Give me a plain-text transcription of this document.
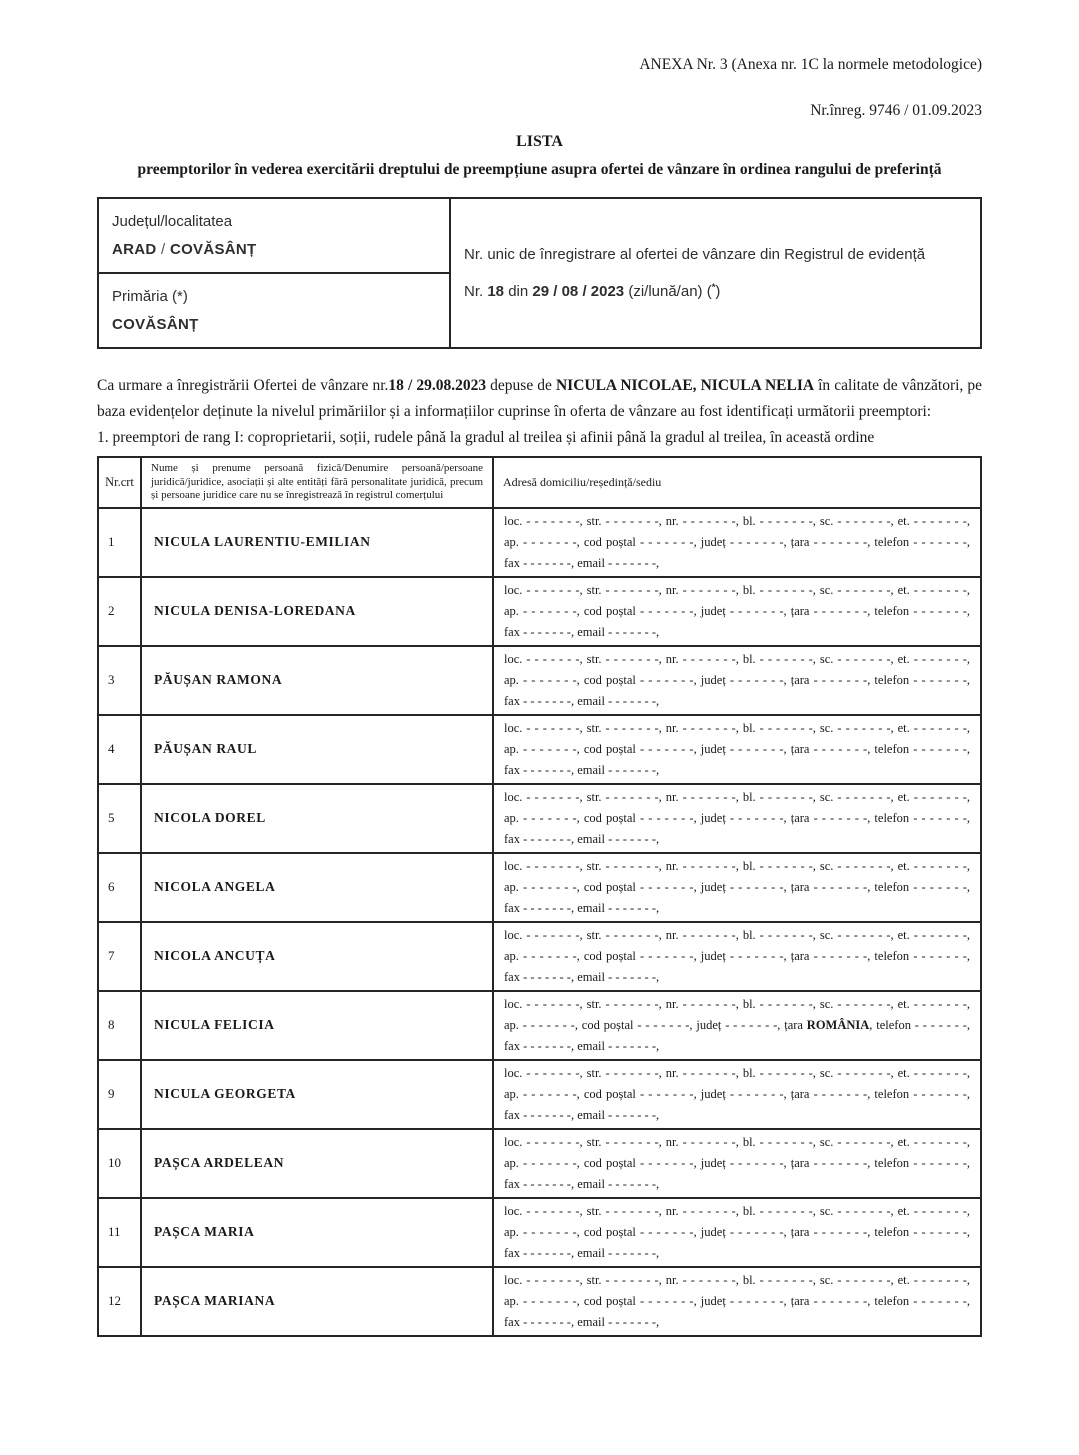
ANEXA Nr. 3 (Anexa nr. 1C la normele metodologice)
Nr.înreg. 9746 / 01.09.2023
LISTA
preemptorilor în vederea exercitării dreptului de preempțiune asupra ofertei de vânzare în ordinea rangului de preferință
Județul/localitatea
ARAD / COVĂSÂNȚ	Nr. unic de înregistrare al ofertei de vânzare din Registrul de evidență
Nr. 18 din 29 / 08 / 2023 (zi/lună/an) (*)

Primăria (*)
COVĂSÂNȚ

Ca urmare a înregistrării Ofertei de vânzare nr.18 / 29.08.2023 depuse de NICULA NICOLAE, NICULA NELIA în calitate de vânzători, pe baza evidențelor deținute la nivelul primăriilor și a informațiilor cuprinse în oferta de vânzare au fost identificați următorii preemptori:

1. preemptori de rang I: coproprietarii, soții, rudele până la gradul al treilea și afinii până la gradul al treilea, în această ordine

Nr.crt	Nume și prenume persoană fizică/Denumire persoană/persoane juridică/juridice, asociații și alte entități fără personalitate juridică, precum și persoane juridice care nu se înregistrează în registrul comerțului	Adresă domiciliu/reședință/sediu
1	NICULA LAURENTIU-EMILIAN	loc. - - - - - - -, str. - - - - - - -, nr. - - - - - - -, bl. - - - - - - -, sc. - - - - - - -, et. - - - - - - -,
ap. - - - - - - -, cod poștal - - - - - - -, județ - - - - - - -, țara - - - - - - -, telefon - - - - - - -,
fax - - - - - - -, email - - - - - - -,

2	NICULA DENISA-LOREDANA	loc. - - - - - - -, str. - - - - - - -, nr. - - - - - - -, bl. - - - - - - -, sc. - - - - - - -, et. - - - - - - -,
ap. - - - - - - -, cod poștal - - - - - - -, județ - - - - - - -, țara - - - - - - -, telefon - - - - - - -,
fax - - - - - - -, email - - - - - - -,

3	PĂUȘAN RAMONA	loc. - - - - - - -, str. - - - - - - -, nr. - - - - - - -, bl. - - - - - - -, sc. - - - - - - -, et. - - - - - - -,
ap. - - - - - - -, cod poștal - - - - - - -, județ - - - - - - -, țara - - - - - - -, telefon - - - - - - -,
fax - - - - - - -, email - - - - - - -,

4	PĂUȘAN RAUL	loc. - - - - - - -, str. - - - - - - -, nr. - - - - - - -, bl. - - - - - - -, sc. - - - - - - -, et. - - - - - - -,
ap. - - - - - - -, cod poștal - - - - - - -, județ - - - - - - -, țara - - - - - - -, telefon - - - - - - -,
fax - - - - - - -, email - - - - - - -,

5	NICOLA DOREL	loc. - - - - - - -, str. - - - - - - -, nr. - - - - - - -, bl. - - - - - - -, sc. - - - - - - -, et. - - - - - - -,
ap. - - - - - - -, cod poștal - - - - - - -, județ - - - - - - -, țara - - - - - - -, telefon - - - - - - -,
fax - - - - - - -, email - - - - - - -,

6	NICOLA ANGELA	loc. - - - - - - -, str. - - - - - - -, nr. - - - - - - -, bl. - - - - - - -, sc. - - - - - - -, et. - - - - - - -,
ap. - - - - - - -, cod poștal - - - - - - -, județ - - - - - - -, țara - - - - - - -, telefon - - - - - - -,
fax - - - - - - -, email - - - - - - -,

7	NICOLA ANCUȚA	loc. - - - - - - -, str. - - - - - - -, nr. - - - - - - -, bl. - - - - - - -, sc. - - - - - - -, et. - - - - - - -,
ap. - - - - - - -, cod poștal - - - - - - -, județ - - - - - - -, țara - - - - - - -, telefon - - - - - - -,
fax - - - - - - -, email - - - - - - -,

8	NICULA FELICIA	loc. - - - - - - -, str. - - - - - - -, nr. - - - - - - -, bl. - - - - - - -, sc. - - - - - - -, et. - - - - - - -,
ap. - - - - - - -, cod poștal - - - - - - -, județ - - - - - - -, țara ROMÂNIA, telefon - - - - - - -,
fax - - - - - - -, email - - - - - - -,

9	NICULA GEORGETA	loc. - - - - - - -, str. - - - - - - -, nr. - - - - - - -, bl. - - - - - - -, sc. - - - - - - -, et. - - - - - - -,
ap. - - - - - - -, cod poștal - - - - - - -, județ - - - - - - -, țara - - - - - - -, telefon - - - - - - -,
fax - - - - - - -, email - - - - - - -,

10	PAȘCA ARDELEAN	loc. - - - - - - -, str. - - - - - - -, nr. - - - - - - -, bl. - - - - - - -, sc. - - - - - - -, et. - - - - - - -,
ap. - - - - - - -, cod poștal - - - - - - -, județ - - - - - - -, țara - - - - - - -, telefon - - - - - - -,
fax - - - - - - -, email - - - - - - -,

11	PAȘCA MARIA	loc. - - - - - - -, str. - - - - - - -, nr. - - - - - - -, bl. - - - - - - -, sc. - - - - - - -, et. - - - - - - -,
ap. - - - - - - -, cod poștal - - - - - - -, județ - - - - - - -, țara - - - - - - -, telefon - - - - - - -,
fax - - - - - - -, email - - - - - - -,

12	PAȘCA MARIANA	loc. - - - - - - -, str. - - - - - - -, nr. - - - - - - -, bl. - - - - - - -, sc. - - - - - - -, et. - - - - - - -,
ap. - - - - - - -, cod poștal - - - - - - -, județ - - - - - - -, țara - - - - - - -, telefon - - - - - - -,
fax - - - - - - -, email - - - - - - -,
